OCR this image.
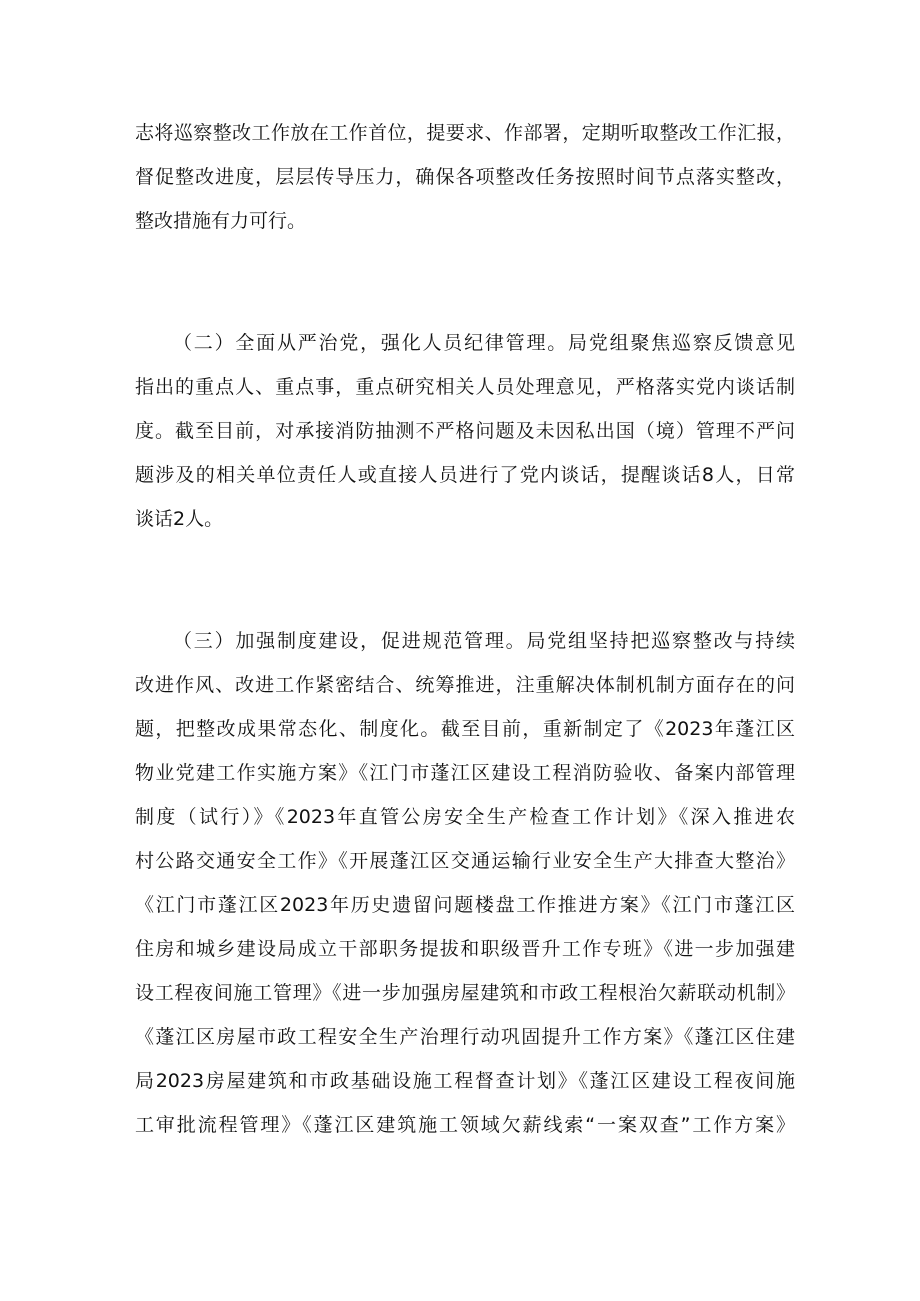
志将巡察整改工作放在工作首位，提要求、作部署，定期听取整改工作汇报，
督促整改进度，层层传导压力，确保各项整改任务按照时间节点落实整改，
整改措施有力可行。
（二）全面从严治党，强化人员纪律管理。局党组聚焦巡察反馈意见
指出的重点人、重点事，重点研究相关人员处理意见，严格落实党内谈话制
度。截至目前，对承接消防抽测不严格问题及未因私出国（境）管理不严问
题涉及的相关单位责任人或直接人员进行了党内谈话，提醒谈话8人，日常
谈话2人。
（三）加强制度建设，促进规范管理。局党组坚持把巡察整改与持续
改进作风、改进工作紧密结合、统筹推进，注重解决体制机制方面存在的问
题，把整改成果常态化、制度化。截至目前，重新制定了《2023年蓬江区
物业党建工作实施方案》《江门市蓬江区建设工程消防验收、备案内部管理
制度（试行）》《2023年直管公房安全生产检查工作计划》《深入推进农
村公路交通安全工作》《开展蓬江区交通运输行业安全生产大排查大整治》
《江门市蓬江区2023年历史遗留问题楼盘工作推进方案》《江门市蓬江区
住房和城乡建设局成立干部职务提拔和职级晋升工作专班》《进一步加强建
设工程夜间施工管理》《进一步加强房屋建筑和市政工程根治欠薪联动机制》
《蓬江区房屋市政工程安全生产治理行动巩固提升工作方案》《蓬江区住建
局2023房屋建筑和市政基础设施工程督查计划》《蓬江区建设工程夜间施
工审批流程管理》《蓬江区建筑施工领域欠薪线索“一案双查”工作方案》
